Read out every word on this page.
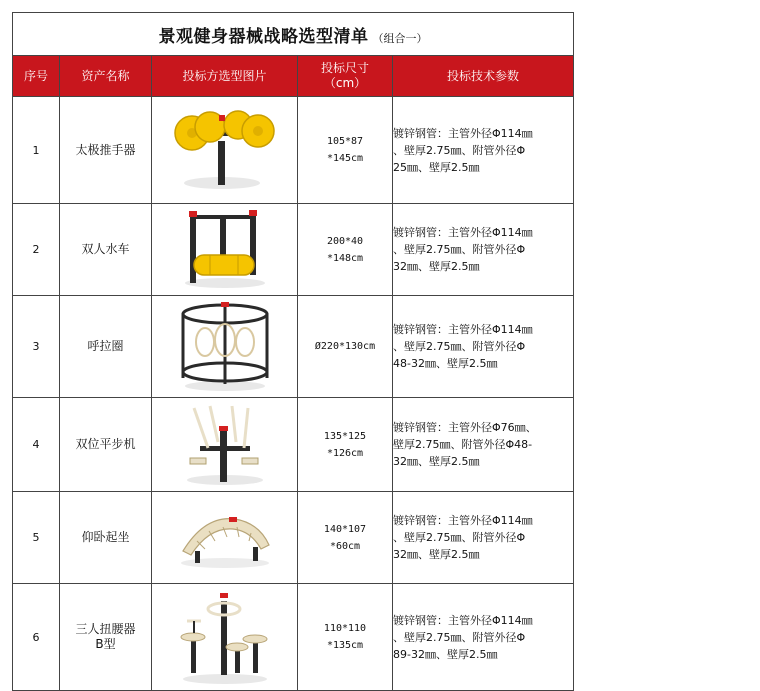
景观健身器械战略选型清单 （组合一）				
序号	资产名称	投标方选型图片	投标尺寸
（cm）	投标技术参数
1	太极推手器		105*87
*145cm	镀锌钢管：主管外径Φ114㎜
、壁厚2.75㎜、附管外径Φ
25㎜、壁厚2.5㎜
2	双人水车		200*40
*148cm	镀锌钢管：主管外径Φ114㎜
、壁厚2.75㎜、附管外径Φ
32㎜、壁厚2.5㎜
3	呼拉圈		Ø220*130cm	镀锌钢管：主管外径Φ114㎜
、壁厚2.75㎜、附管外径Φ
48-32㎜、壁厚2.5㎜
4	双位平步机		135*125
*126cm	镀锌钢管：主管外径Φ76㎜、
壁厚2.75㎜、附管外径Φ48-
32㎜、壁厚2.5㎜
5	仰卧起坐		140*107
*60cm	镀锌钢管：主管外径Φ114㎜
、壁厚2.75㎜、附管外径Φ
32㎜、壁厚2.5㎜
6	三人扭腰器
B型		110*110
*135cm	镀锌钢管：主管外径Φ114㎜
、壁厚2.75㎜、附管外径Φ
89-32㎜、壁厚2.5㎜
